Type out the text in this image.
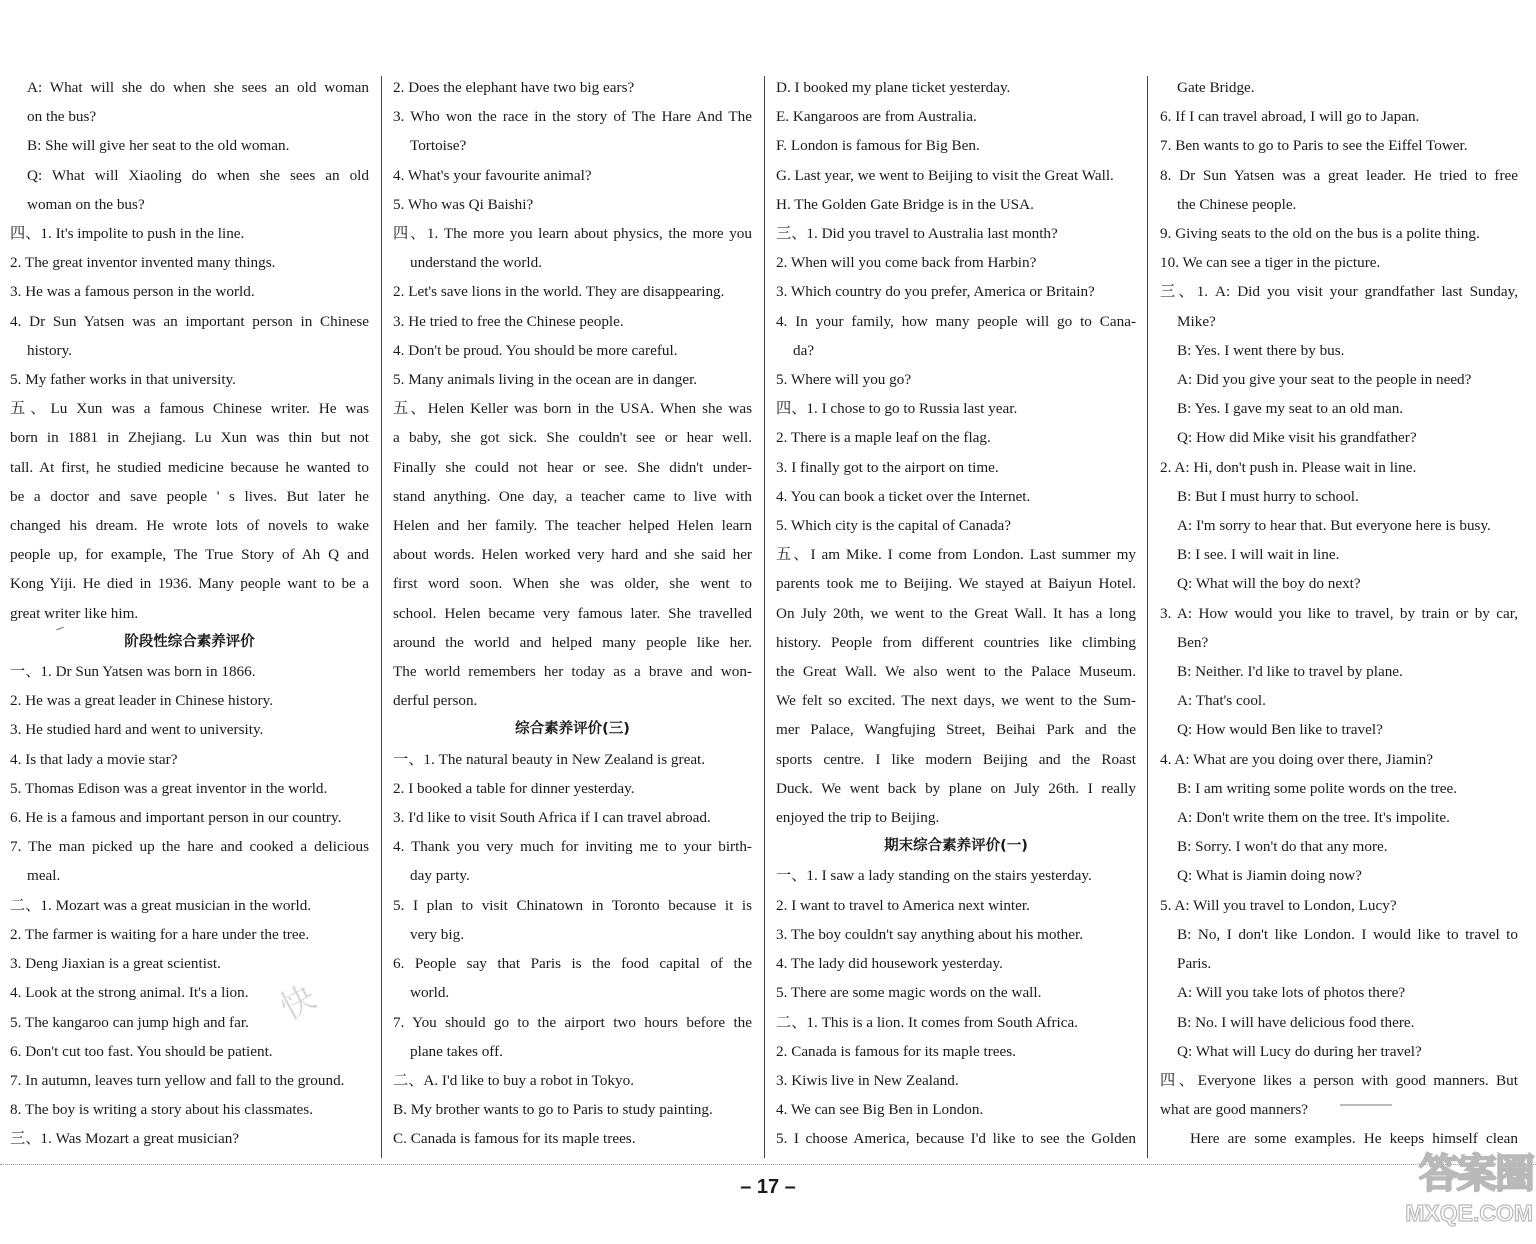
A: What will she do when she sees an old woman
on the bus?
B: She will give her seat to the old woman.
Q: What will Xiaoling do when she sees an old
woman on the bus?
四、1. It's impolite to push in the line.
2. The great inventor invented many things.
3. He was a famous person in the world.
4. Dr Sun Yatsen was an important person in Chinese
history.
5. My father works in that university.
五、Lu Xun was a famous Chinese writer. He was
born in 1881 in Zhejiang. Lu Xun was thin but not
tall. At first, he studied medicine because he wanted to
be a doctor and save people ' s lives. But later he
changed his dream. He wrote lots of novels to wake
people up, for example, The True Story of Ah Q and
Kong Yiji. He died in 1936. Many people want to be a
great writer like him.
阶段性综合素养评价
一、1. Dr Sun Yatsen was born in 1866.
2. He was a great leader in Chinese history.
3. He studied hard and went to university.
4. Is that lady a movie star?
5. Thomas Edison was a great inventor in the world.
6. He is a famous and important person in our country.
7. The man picked up the hare and cooked a delicious
meal.
二、1. Mozart was a great musician in the world.
2. The farmer is waiting for a hare under the tree.
3. Deng Jiaxian is a great scientist.
4. Look at the strong animal. It's a lion.
5. The kangaroo can jump high and far.
6. Don't cut too fast. You should be patient.
7. In autumn, leaves turn yellow and fall to the ground.
8. The boy is writing a story about his classmates.
三、1. Was Mozart a great musician?
2. Does the elephant have two big ears?
3. Who won the race in the story of The Hare And The
Tortoise?
4. What's your favourite animal?
5. Who was Qi Baishi?
四、1. The more you learn about physics, the more you
understand the world.
2. Let's save lions in the world. They are disappearing.
3. He tried to free the Chinese people.
4. Don't be proud. You should be more careful.
5. Many animals living in the ocean are in danger.
五、Helen Keller was born in the USA. When she was
a baby, she got sick. She couldn't see or hear well.
Finally she could not hear or see. She didn't under-
stand anything. One day, a teacher came to live with
Helen and her family. The teacher helped Helen learn
about words. Helen worked very hard and she said her
first word soon. When she was older, she went to
school. Helen became very famous later. She travelled
around the world and helped many people like her.
The world remembers her today as a brave and won-
derful person.
综合素养评价(三)
一、1. The natural beauty in New Zealand is great.
2. I booked a table for dinner yesterday.
3. I'd like to visit South Africa if I can travel abroad.
4. Thank you very much for inviting me to your birth-
day party.
5. I plan to visit Chinatown in Toronto because it is
very big.
6. People say that Paris is the food capital of the
world.
7. You should go to the airport two hours before the
plane takes off.
二、A. I'd like to buy a robot in Tokyo.
B. My brother wants to go to Paris to study painting.
C. Canada is famous for its maple trees.
D. I booked my plane ticket yesterday.
E. Kangaroos are from Australia.
F. London is famous for Big Ben.
G. Last year, we went to Beijing to visit the Great Wall.
H. The Golden Gate Bridge is in the USA.
三、1. Did you travel to Australia last month?
2. When will you come back from Harbin?
3. Which country do you prefer, America or Britain?
4. In your family, how many people will go to Cana-
da?
5. Where will you go?
四、1. I chose to go to Russia last year.
2. There is a maple leaf on the flag.
3. I finally got to the airport on time.
4. You can book a ticket over the Internet.
5. Which city is the capital of Canada?
五、I am Mike. I come from London. Last summer my
parents took me to Beijing. We stayed at Baiyun Hotel.
On July 20th, we went to the Great Wall. It has a long
history. People from different countries like climbing
the Great Wall. We also went to the Palace Museum.
We felt so excited. The next days, we went to the Sum-
mer Palace, Wangfujing Street, Beihai Park and the
sports centre. I like modern Beijing and the Roast
Duck. We went back by plane on July 26th. I really
enjoyed the trip to Beijing.
期末综合素养评价(一)
一、1. I saw a lady standing on the stairs yesterday.
2. I want to travel to America next winter.
3. The boy couldn't say anything about his mother.
4. The lady did housework yesterday.
5. There are some magic words on the wall.
二、1. This is a lion. It comes from South Africa.
2. Canada is famous for its maple trees.
3. Kiwis live in New Zealand.
4. We can see Big Ben in London.
5. I choose America, because I'd like to see the Golden
Gate Bridge.
6. If I can travel abroad, I will go to Japan.
7. Ben wants to go to Paris to see the Eiffel Tower.
8. Dr Sun Yatsen was a great leader. He tried to free
the Chinese people.
9. Giving seats to the old on the bus is a polite thing.
10. We can see a tiger in the picture.
三、1. A: Did you visit your grandfather last Sunday,
Mike?
B: Yes. I went there by bus.
A: Did you give your seat to the people in need?
B: Yes. I gave my seat to an old man.
Q: How did Mike visit his grandfather?
2. A: Hi, don't push in. Please wait in line.
B: But I must hurry to school.
A: I'm sorry to hear that. But everyone here is busy.
B: I see. I will wait in line.
Q: What will the boy do next?
3. A: How would you like to travel, by train or by car,
Ben?
B: Neither. I'd like to travel by plane.
A: That's cool.
Q: How would Ben like to travel?
4. A: What are you doing over there, Jiamin?
B: I am writing some polite words on the tree.
A: Don't write them on the tree. It's impolite.
B: Sorry. I won't do that any more.
Q: What is Jiamin doing now?
5. A: Will you travel to London, Lucy?
B: No, I don't like London. I would like to travel to
Paris.
A: Will you take lots of photos there?
B: No. I will have delicious food there.
Q: What will Lucy do during her travel?
四、Everyone likes a person with good manners. But
what are good manners?
Here are some examples. He keeps himself clean
快
– 17 –	答案圈
MXQE.COM
